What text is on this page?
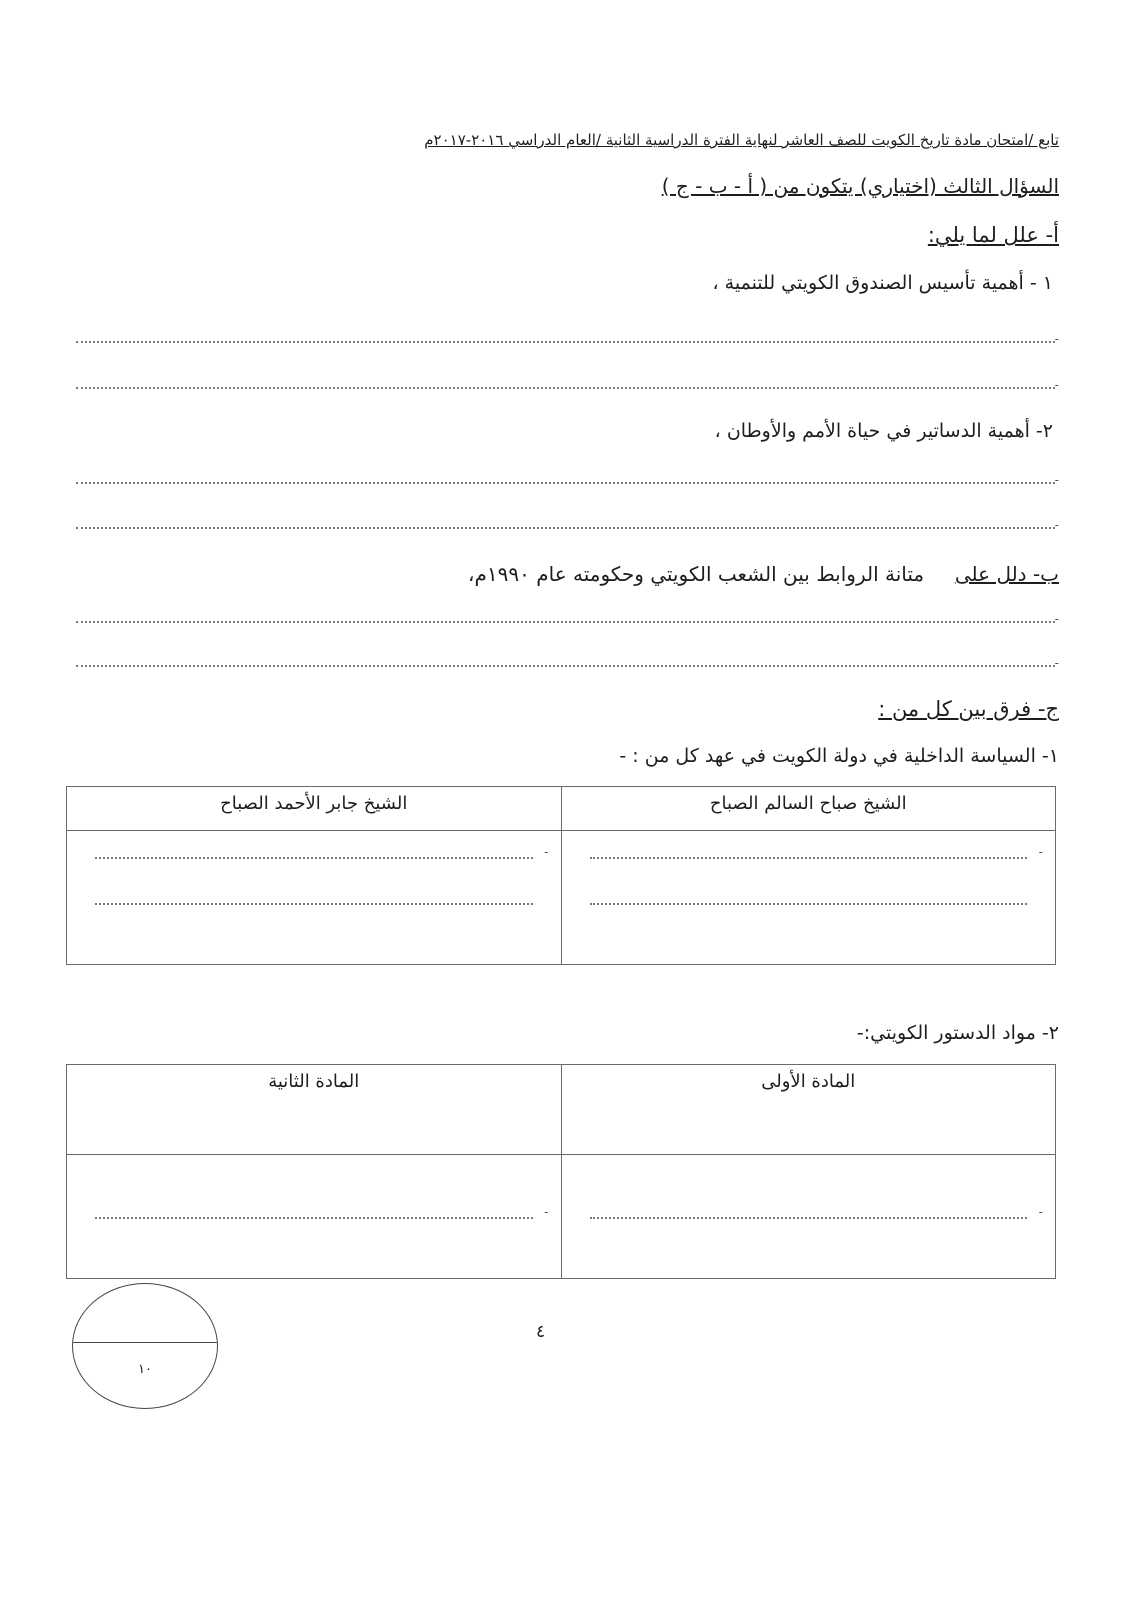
تابع /امتحان مادة تاريخ الكويت للصف العاشر لنهاية الفترة الدراسية الثانية /العام الدراسي ٢٠١٦-٢٠١٧م
السؤال الثالث (اختياري) يتكون من ( أ - ب - ج )
أ- علل لما يلي:
١ - أهمية تأسيس الصندوق الكويتي للتنمية ،
-
-
٢- أهمية الدساتير في حياة الأمم والأوطان ،
-
-
ب- دلل على  متانة الروابط بين الشعب الكويتي وحكومته عام ١٩٩٠م،
-
-
ج- فرق بين كل من :
١- السياسة الداخلية في دولة الكويت في عهد كل من : -
الشيخ صباح السالم الصباح	الشيخ جابر الأحمد الصباح

-	-
٢- مواد الدستور الكويتي:-
المادة الأولى	المادة الثانية

-	-
١٠
٤
